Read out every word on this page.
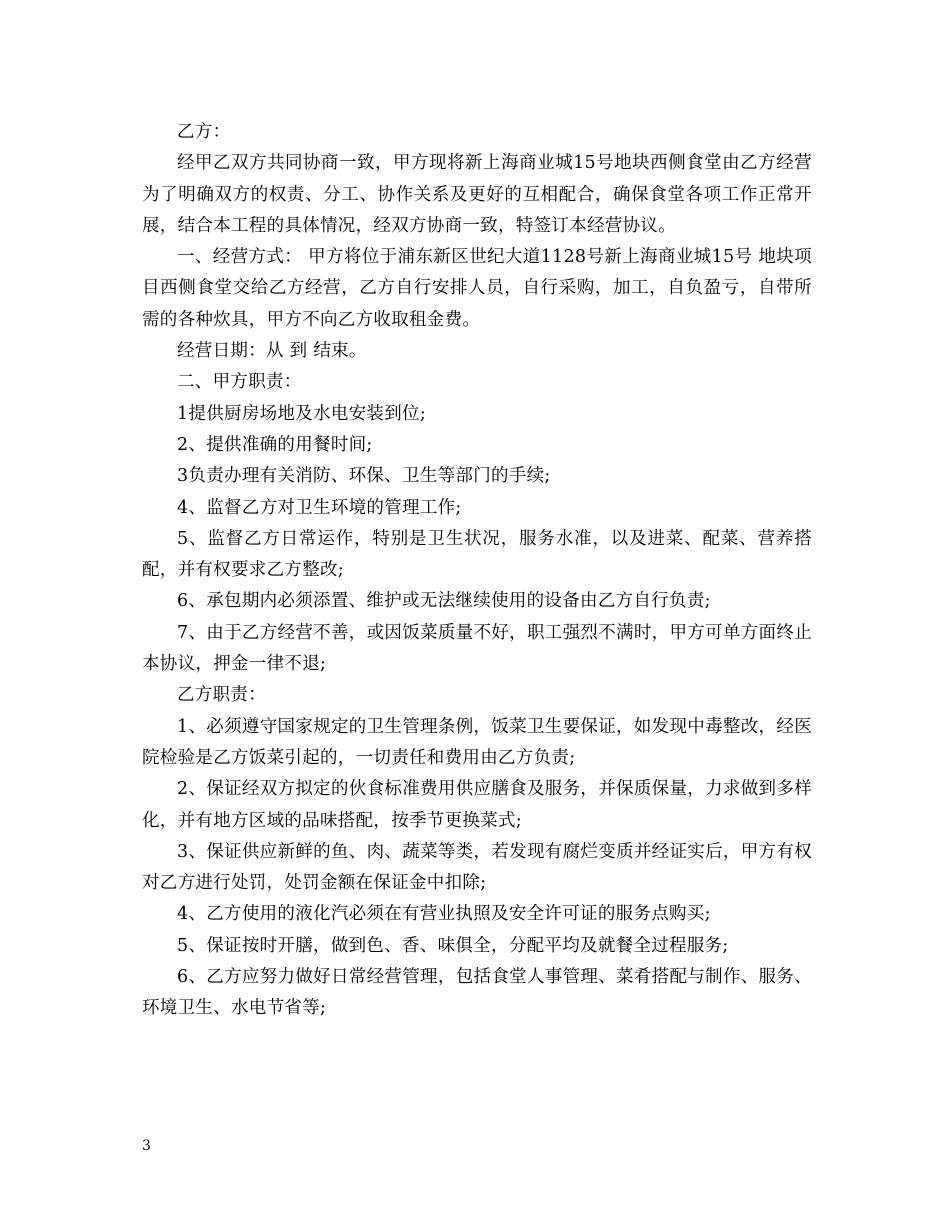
乙方：

经甲乙双方共同协商一致，甲方现将新上海商业城15号地块西侧食堂由乙方经营为了明确双方的权责、分工、协作关系及更好的互相配合，确保食堂各项工作正常开展，结合本工程的具体情况，经双方协商一致，特签订本经营协议。

一、经营方式： 甲方将位于浦东新区世纪大道1128号新上海商业城15号 地块项目西侧食堂交给乙方经营，乙方自行安排人员，自行采购，加工，自负盈亏，自带所需的各种炊具，甲方不向乙方收取租金费。

经营日期：从 到 结束。

二、甲方职责：

1提供厨房场地及水电安装到位;

2、提供准确的用餐时间;

3负责办理有关消防、环保、卫生等部门的手续;

4、监督乙方对卫生环境的管理工作;

5、监督乙方日常运作，特别是卫生状况，服务水准，以及进菜、配菜、营养搭配，并有权要求乙方整改;

6、承包期内必须添置、维护或无法继续使用的设备由乙方自行负责;

7、由于乙方经营不善，或因饭菜质量不好，职工强烈不满时，甲方可单方面终止本协议，押金一律不退;

乙方职责：

1、必须遵守国家规定的卫生管理条例，饭菜卫生要保证，如发现中毒整改，经医院检验是乙方饭菜引起的，一切责任和费用由乙方负责;

2、保证经双方拟定的伙食标准费用供应膳食及服务，并保质保量，力求做到多样化，并有地方区域的品味搭配，按季节更换菜式;

3、保证供应新鲜的鱼、肉、蔬菜等类，若发现有腐烂变质并经证实后，甲方有权对乙方进行处罚，处罚金额在保证金中扣除;

4、乙方使用的液化汽必须在有营业执照及安全许可证的服务点购买;

5、保证按时开膳，做到色、香、味俱全，分配平均及就餐全过程服务;

6、乙方应努力做好日常经营管理，包括食堂人事管理、菜肴搭配与制作、服务、环境卫生、水电节省等;

3
